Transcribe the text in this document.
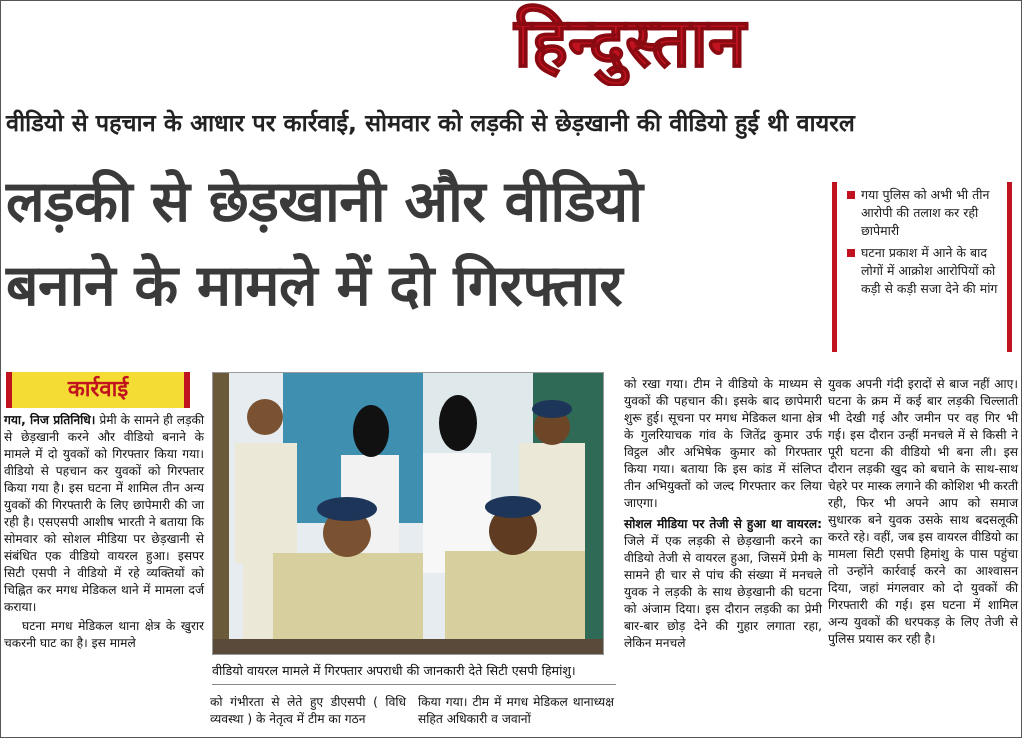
हिन्दुस्तान
वीडियो से पहचान के आधार पर कार्रवाई, सोमवार को लड़की से छेड़खानी की वीडियो हुई थी वायरल
लड़की से छेड़खानी और वीडियो
बनाने के मामले में दो गिरफ्तार
गया पुलिस को अभी भी तीन आरोपी की तलाश कर रही छापेमारी
घटना प्रकाश में आने के बाद लोगों में आक्रोश आरोपियों को कड़ी से कड़ी सजा देने की मांग
कार्रवाई

गया, निज प्रतिनिधि। प्रेमी के सामने ही लड़की से छेड़खानी करने और वीडियो बनाने के मामले में दो युवकों को गिरफ्तार किया गया। वीडियो से पहचान कर युवकों को गिरफ्तार किया गया है। इस घटना में शामिल तीन अन्य युवकों की गिरफ्तारी के लिए छापेमारी की जा रही है। एसएसपी आशीष भारती ने बताया कि सोमवार को सोशल मीडिया पर छेड़खानी से संबंधित एक वीडियो वायरल हुआ। इसपर सिटी एसपी ने वीडियो में रहे व्यक्तियों को चिह्नित कर मगध मेडिकल थाने में मामला दर्ज कराया।

घटना मगध मेडिकल थाना क्षेत्र के खुरार चकरनी घाट का है। इस मामले

वीडियो वायरल मामले में गिरफ्तार अपराधी की जानकारी देते सिटी एसपी हिमांशु।
को गंभीरता से लेते हुए डीएसपी ( विधि व्यवस्था ) के नेतृत्व में टीम का गठन
किया गया। टीम में मगध मेडिकल थानाध्यक्ष सहित अधिकारी व जवानों

को रखा गया। टीम ने वीडियो के माध्यम से युवकों की पहचान की। इसके बाद छापेमारी शुरू हुई। सूचना पर मगध मेडिकल थाना क्षेत्र के गुलरियाचक गांव के जितेंद्र कुमार उर्फ विट्ठल और अभिषेक कुमार को गिरफ्तार किया गया। बताया कि इस कांड में संलिप्त तीन अभियुक्तों को जल्द गिरफ्तार कर लिया जाएगा।

सोशल मीडिया पर तेजी से हुआ था वायरल: जिले में एक लड़की से छेड़खानी करने का वीडियो तेजी से वायरल हुआ, जिसमें प्रेमी के सामने ही चार से पांच की संख्या में मनचले युवक ने लड़की के साथ छेड़खानी की घटना को अंजाम दिया। इस दौरान लड़की का प्रेमी बार-बार छोड़ देने की गुहार लगाता रहा, लेकिन मनचले

युवक अपनी गंदी इरादों से बाज नहीं आए। घटना के क्रम में कई बार लड़की चिल्लाती भी देखी गई और जमीन पर वह गिर भी गई। इस दौरान उन्हीं मनचले में से किसी ने पूरी घटना की वीडियो भी बना ली। इस दौरान लड़की खुद को बचाने के साथ-साथ चेहरे पर मास्क लगाने की कोशिश भी करती रही, फिर भी अपने आप को समाज सुधारक बने युवक उसके साथ बदसलूकी करते रहे। वहीं, जब इस वायरल वीडियो का मामला सिटी एसपी हिमांशु के पास पहुंचा तो उन्होंने कार्रवाई करने का आश्वासन दिया, जहां मंगलवार को दो युवकों की गिरफ्तारी की गई। इस घटना में शामिल अन्य युवकों की धरपकड़ के लिए तेजी से पुलिस प्रयास कर रही है।
